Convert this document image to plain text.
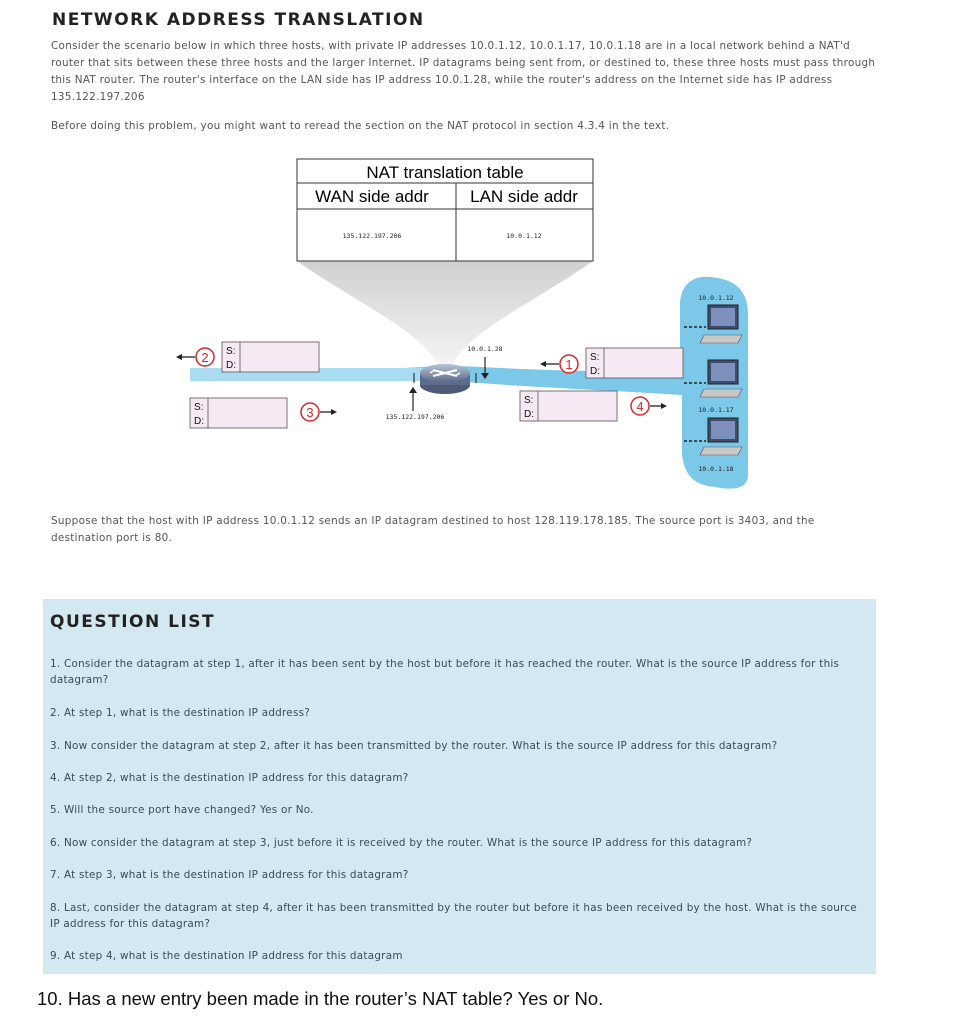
NETWORK ADDRESS TRANSLATION
Consider the scenario below in which three hosts, with private IP addresses 10.0.1.12, 10.0.1.17, 10.0.1.18 are in a local network behind a NAT'd router that sits between these three hosts and the larger Internet. IP datagrams being sent from, or destined to, these three hosts must pass through this NAT router. The router's interface on the LAN side has IP address 10.0.1.28, while the router's address on the Internet side has IP address 135.122.197.206
Before doing this problem, you might want to reread the section on the NAT protocol in section 4.3.4 in the text.
NAT translation table
WAN side addr LAN side addr
135.122.197.206	10.0.1.12
10.0.1.28
135.122.197.206
10.0.1.12
10.0.1.17
10.0.1.18
S:
D:
2
S:
D:
3
S:
D:
1
S:
D:
4
Suppose that the host with IP address 10.0.1.12 sends an IP datagram destined to host 128.119.178.185. The source port is 3403, and the destination port is 80.
QUESTION LIST
1. Consider the datagram at step 1, after it has been sent by the host but before it has reached the router. What is the source IP address for this datagram?
2. At step 1, what is the destination IP address?
3. Now consider the datagram at step 2, after it has been transmitted by the router. What is the source IP address for this datagram?
4. At step 2, what is the destination IP address for this datagram?
5. Will the source port have changed? Yes or No.
6. Now consider the datagram at step 3, just before it is received by the router. What is the source IP address for this datagram?
7. At step 3, what is the destination IP address for this datagram?
8. Last, consider the datagram at step 4, after it has been transmitted by the router but before it has been received by the host. What is the source IP address for this datagram?
9. At step 4, what is the destination IP address for this datagram
10. Has a new entry been made in the router’s NAT table? Yes or No.
